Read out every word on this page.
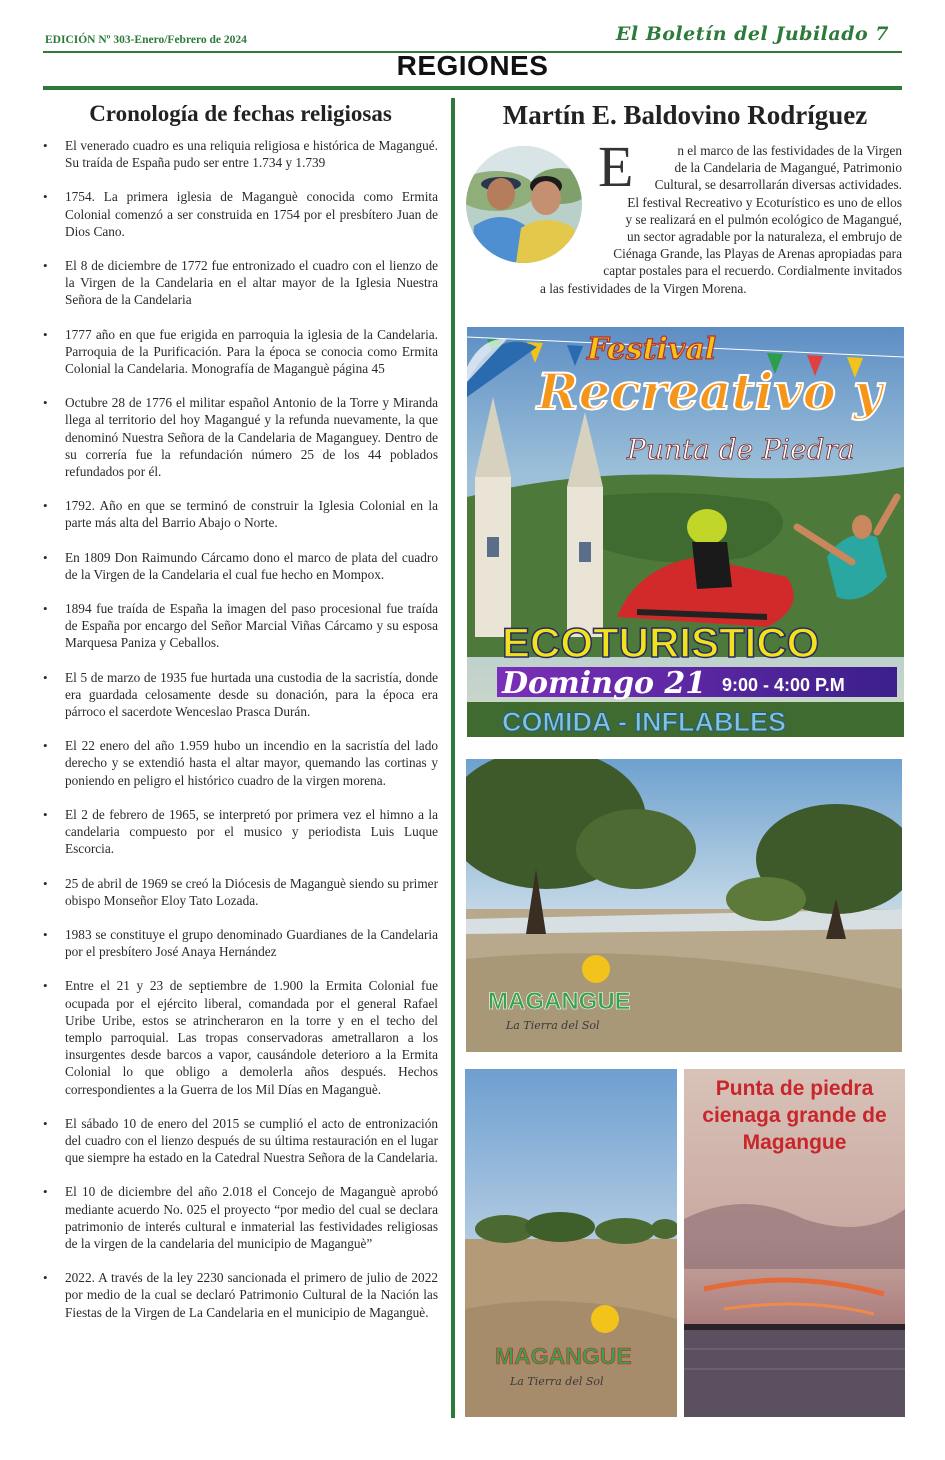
EDICIÓN Nº 303-Enero/Febrero de 2024	El Boletín del Jubilado 7
REGIONES
Cronología de fechas religiosas
• El venerado cuadro es una reliquia religiosa e histórica de Magangué. Su traída de España pudo ser entre 1.734 y 1.739
• 1754. La primera iglesia de Maganguè conocida como Ermita Colonial comenzó a ser construida en 1754 por el presbítero Juan de Dios Cano.
• El 8 de diciembre de 1772 fue entronizado el cuadro con el lienzo de la Virgen de la Candelaria en el altar mayor de la Iglesia Nuestra Señora de la Candelaria
• 1777 año en que fue erigida en parroquia la iglesia de la Candelaria. Parroquia de la Purificación. Para la época se conocia como Ermita Colonial la Candelaria. Monografía de Maganguè página 45
• Octubre 28 de 1776 el militar español Antonio de la Torre y Miranda llega al territorio del hoy Magangué y la refunda nuevamente, la que denominó Nuestra Señora de la Candelaria de Maganguey. Dentro de su correría fue la refundación número 25 de los 44 poblados refundados por él.
• 1792. Año en que se terminó de construir la Iglesia Colonial en la parte más alta del Barrio Abajo o Norte.
• En 1809 Don Raimundo Cárcamo dono el marco de plata del cuadro de la Virgen de la Candelaria el cual fue hecho en Mompox.
• 1894 fue traída de España la imagen del paso procesional fue traída de España por encargo del Señor Marcial Viñas Cárcamo y su esposa Marquesa Paniza y Ceballos.
• El 5 de marzo de 1935 fue hurtada una custodia de la sacristía, donde era guardada celosamente desde su donación, para la época era párroco el sacerdote Wenceslao Prasca Durán.
• El 22 enero del año 1.959 hubo un incendio en la sacristía del lado derecho y se extendió hasta el altar mayor, quemando las cortinas y poniendo en peligro el histórico cuadro de la virgen morena.
• El 2 de febrero de 1965, se interpretó por primera vez el himno a la candelaria compuesto por el musico y periodista Luis Luque Escorcia.
• 25 de abril de 1969 se creó la Diócesis de Maganguè siendo su primer obispo Monseñor Eloy Tato Lozada.
• 1983 se constituye el grupo denominado Guardianes de la Candelaria por el presbítero José Anaya Hernández
• Entre el 21 y 23 de septiembre de 1.900 la Ermita Colonial fue ocupada por el ejército liberal, comandada por el general Rafael Uribe Uribe, estos se atrincheraron en la torre y en el techo del templo parroquial. Las tropas conservadoras ametrallaron a los insurgentes desde barcos a vapor, causándole deterioro a la Ermita Colonial lo que obligo a demolerla años después. Hechos correspondientes a la Guerra de los Mil Días en Maganguè.
• El sábado 10 de enero del 2015 se cumplió el acto de entronización del cuadro con el lienzo después de su última restauración en el lugar que siempre ha estado en la Catedral Nuestra Señora de la Candelaria.
• El 10 de diciembre del año 2.018 el Concejo de Maganguè aprobó mediante acuerdo No. 025 el proyecto “por medio del cual se declara patrimonio de interés cultural e inmaterial las festividades religiosas de la virgen de la candelaria del municipio de Maganguè”
• 2022. A través de la ley 2230 sancionada el primero de julio de 2022 por medio de la cual se declaró Patrimonio Cultural de la Nación las Fiestas de la Virgen de La Candelaria en el municipio de Maganguè.
Martín E. Baldovino Rodríguez
E	n el marco de las festividades de la Virgen
de la Candelaria de Magangué, Patrimonio
Cultural, se desarrollarán diversas actividades.
El festival Recreativo y Ecoturístico es uno de ellos
y se realizará en el pulmón ecológico de Magangué,
un sector agradable por la naturaleza, el embrujo de
Ciénaga Grande, las Playas de Arenas apropiadas para
captar postales para el recuerdo. Cordialmente invitados
a las festividades de la Virgen Morena.
Festival
Recreativo y
Punta de Piedra
ECOTURISTICO
Domingo 21 9:00 - 4:00 P.M
COMIDA - INFLABLES
MAGANGUE
La Tierra del Sol
MAGANGUE
La Tierra del Sol
Punta de piedra
cienaga grande de
Magangue
